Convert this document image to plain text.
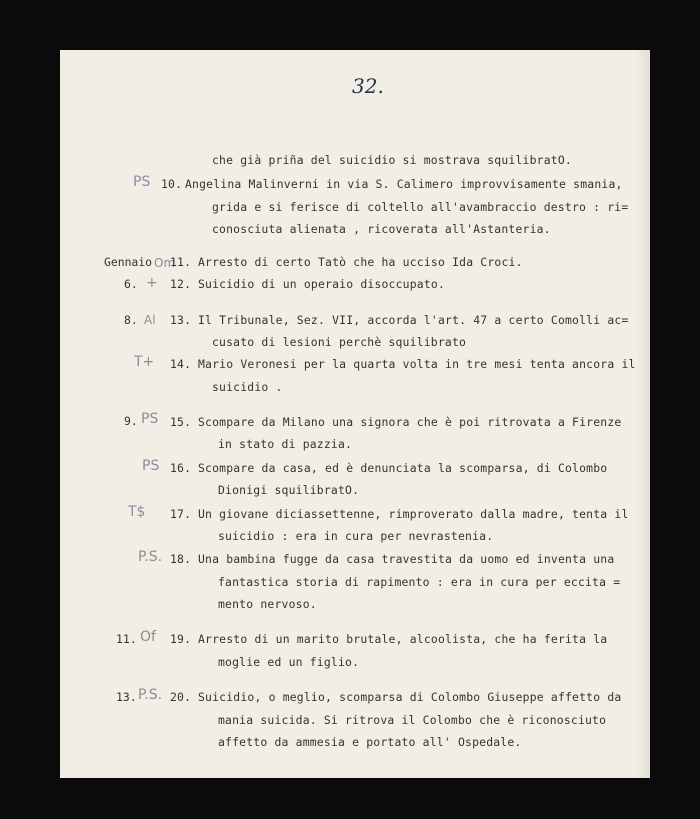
32.
che già priña del suicidio si mostrava squilibratO.
PS 10. Angelina Malinverni in via S. Calimero improvvisamente smania,
grida e si ferisce di coltello all'avambraccio destro : ri=
conosciuta alienata , ricoverata all'Astanteria.
Gennaio Om
11. Arresto di certo Tatò che ha ucciso Ida Croci.
6. + 12. Suicidio di un operaio disoccupato.
8. Al 13. Il Tribunale, Sez. VII, accorda l'art. 47 a certo Comolli ac=
cusato di lesioni perchè squilibrato
T+ 14. Mario Veronesi per la quarta volta in tre mesi tenta ancora il
suicidio .
9. PS 15. Scompare da Milano una signora che è poi ritrovata a Firenze
in stato di pazzia.
PS 16. Scompare da casa, ed è denunciata la scomparsa, di Colombo
Dionigi squilibratO.
T$ 17. Un giovane diciassettenne, rimproverato dalla madre, tenta il
suicidio : era in cura per nevrastenia.
P.S. 18. Una bambina fugge da casa travestita da uomo ed inventa una
fantastica storia di rapimento : era in cura per eccita =
mento nervoso.
11. Of 19. Arresto di un marito brutale, alcoolista, che ha ferita la
moglie ed un figlio.
13. P.S. 20. Suicidio, o meglio, scomparsa di Colombo Giuseppe affetto da
mania suicida. Si ritrova il Colombo che è riconosciuto
affetto da ammesia e portato all' Ospedale.
